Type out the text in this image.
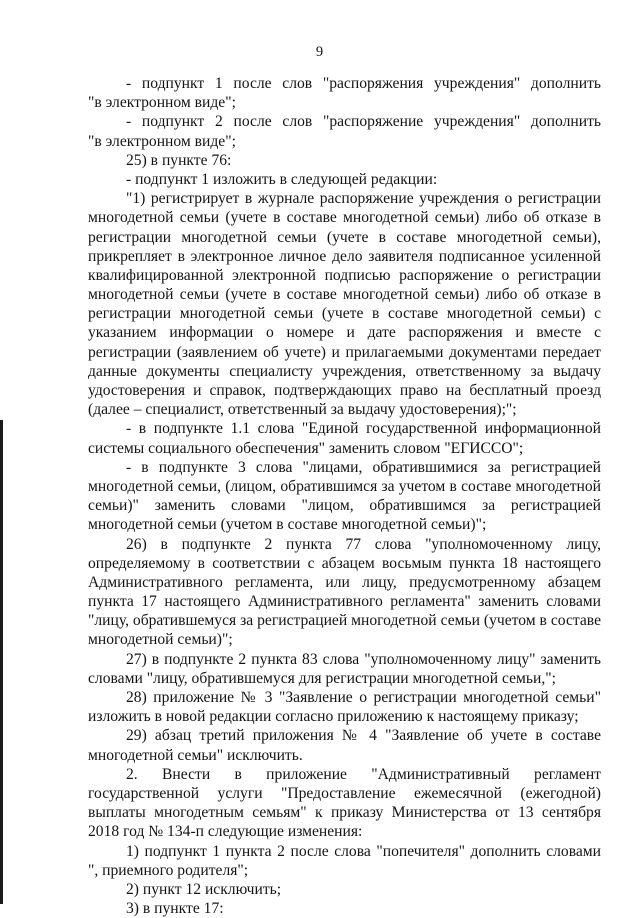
9
- подпункт 1 после слов "распоряжения учреждения" дополнить
"в электронном виде";
- подпункт 2 после слов "распоряжение учреждения" дополнить
"в электронном виде";
25) в пункте 76:
- подпункт 1 изложить в следующей редакции:
"1) регистрирует в журнале распоряжение учреждения о регистрации
многодетной семьи (учете в составе многодетной семьи) либо об отказе в
регистрации многодетной семьи (учете в составе многодетной семьи),
прикрепляет в электронное личное дело заявителя подписанное усиленной
квалифицированной электронной подписью распоряжение о регистрации
многодетной семьи (учете в составе многодетной семьи) либо об отказе в
регистрации многодетной семьи (учете в составе многодетной семьи) с
указанием информации о номере и дате распоряжения и вместе с
регистрации (заявлением об учете) и прилагаемыми документами передает
данные документы специалисту учреждения, ответственному за выдачу
удостоверения и справок, подтверждающих право на бесплатный проезд
(далее – специалист, ответственный за выдачу удостоверения);";
- в подпункте 1.1 слова "Единой государственной информационной
системы социального обеспечения" заменить словом "ЕГИССО";
- в подпункте 3 слова "лицами, обратившимися за регистрацией
многодетной семьи, (лицом, обратившимся за учетом в составе многодетной
семьи)" заменить словами "лицом, обратившимся за регистрацией
многодетной семьи (учетом в составе многодетной семьи)";
26) в подпункте 2 пункта 77 слова "уполномоченному лицу,
определяемому в соответствии с абзацем восьмым пункта 18 настоящего
Административного регламента, или лицу, предусмотренному абзацем
пункта 17 настоящего Административного регламента" заменить словами
"лицу, обратившемуся за регистрацией многодетной семьи (учетом в составе
многодетной семьи)";
27) в подпункте 2 пункта 83 слова "уполномоченному лицу" заменить
словами "лицу, обратившемуся для регистрации многодетной семьи,";
28) приложение № 3 "Заявление о регистрации многодетной семьи"
изложить в новой редакции согласно приложению к настоящему приказу;
29) абзац третий приложения № 4 "Заявление об учете в составе
многодетной семьи" исключить.
2. Внести в приложение "Административный регламент
государственной услуги "Предоставление ежемесячной (ежегодной)
выплаты многодетным семьям" к приказу Министерства от 13 сентября
2018 год № 134-п следующие изменения:
1) подпункт 1 пункта 2 после слова "попечителя" дополнить словами
", приемного родителя";
2) пункт 12 исключить;
3) в пункте 17:
